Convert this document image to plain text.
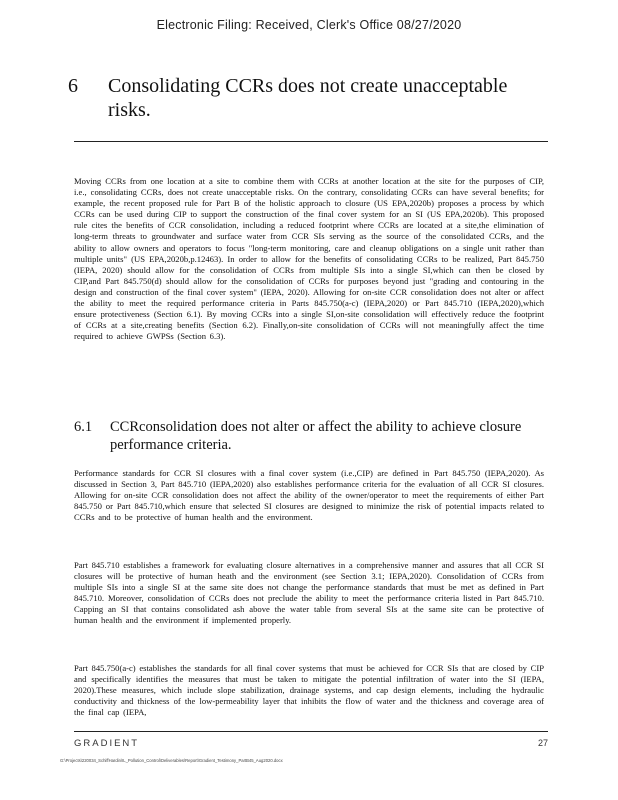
Electronic Filing: Received, Clerk's Office 08/27/2020
6 Consolidating CCRs does not create unacceptable risks.
Moving CCRs from one location at a site to combine them with CCRs at another location at the site for the purposes of CIP, i.e., consolidating CCRs, does not create unacceptable risks. On the contrary, consolidating CCRs can have several benefits; for example, the recent proposed rule for Part B of the holistic approach to closure (US EPA,2020b) proposes a process by which CCRs can be used during CIP to support the construction of the final cover system for an SI (US EPA,2020b). This proposed rule cites the benefits of CCR consolidation, including a reduced footprint where CCRs are located at a site,the elimination of long-term threats to groundwater and surface water from CCR SIs serving as the source of the consolidated CCRs, and the ability to allow owners and operators to focus "long-term monitoring, care and cleanup obligations on a single unit rather than multiple units" (US EPA,2020b,p.12463). In order to allow for the benefits of consolidating CCRs to be realized, Part 845.750 (IEPA, 2020) should allow for the consolidation of CCRs from multiple SIs into a single SI,which can then be closed by CIP,and Part 845.750(d) should allow for the consolidation of CCRs for purposes beyond just "grading and contouring in the design and construction of the final cover system" (IEPA, 2020). Allowing for on-site CCR consolidation does not alter or affect the ability to meet the required performance criteria in Parts 845.750(a-c) (IEPA,2020) or Part 845.710 (IEPA,2020),which ensure protectiveness (Section 6.1). By moving CCRs into a single SI,on-site consolidation will effectively reduce the footprint of CCRs at a site,creating benefits (Section 6.2). Finally,on-site consolidation of CCRs will not meaningfully affect the time required to achieve GWPSs (Section 6.3).
6.1 CCRconsolidation does not alter or affect the ability to achieve closure performance criteria.
Performance standards for CCR SI closures with a final cover system (i.e.,CIP) are defined in Part 845.750 (IEPA,2020). As discussed in Section 3, Part 845.710 (IEPA,2020) also establishes performance criteria for the evaluation of all CCR SI closures. Allowing for on-site CCR consolidation does not affect the ability of the owner/operator to meet the requirements of either Part 845.750 or Part 845.710,which ensure that selected SI closures are designed to minimize the risk of potential impacts related to CCRs and to be protective of human health and the environment.
Part 845.710 establishes a framework for evaluating closure alternatives in a comprehensive manner and assures that all CCR SI closures will be protective of human heath and the environment (see Section 3.1; IEPA,2020). Consolidation of CCRs from multiple SIs into a single SI at the same site does not change the performance standards that must be met as defined in Part 845.710. Moreover, consolidation of CCRs does not preclude the ability to meet the performance criteria listed in Part 845.710. Capping an SI that contains consolidated ash above the water table from several SIs at the same site can be protective of human health and the environment if implemented properly.
Part 845.750(a-c) establishes the standards for all final cover systems that must be achieved for CCR SIs that are closed by CIP and specifically identifies the measures that must be taken to mitigate the potential infiltration of water into the SI (IEPA, 2020).These measures, which include slope stabilization, drainage systems, and cap design elements, including the hydraulic conductivity and thickness of the low-permeability layer that inhibits the flow of water and the thickness and coverage area of the final cap (IEPA,
GRADIENT	27
G:\Projects\220034_SchiffHardin\IL_Pollution_Control\Deliverables\Report\Gradient_Testimony_PartB45_Aug2020.docx
